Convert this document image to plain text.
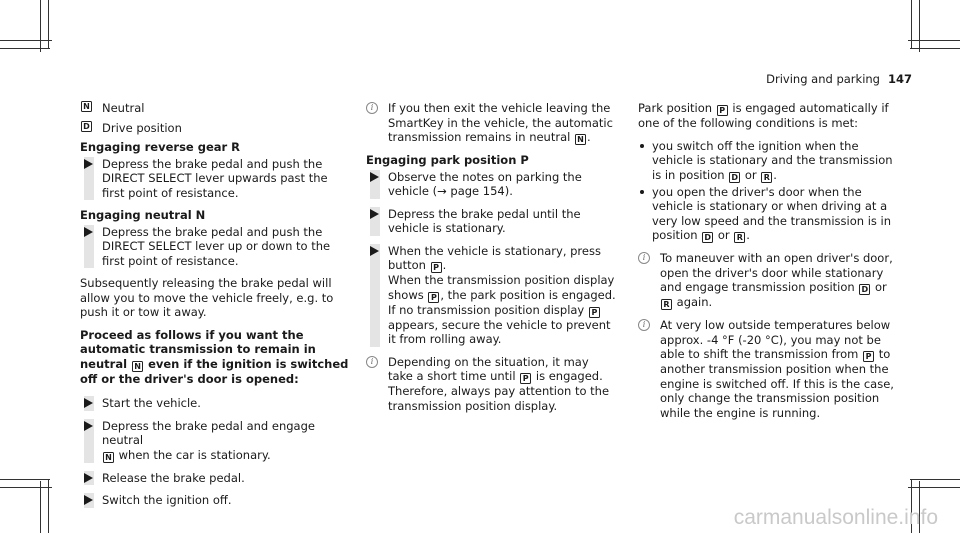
Driving and parking 147
N Neutral
D Drive position
Engaging reverse gear R
Depress the brake pedal and push the DIRECT SELECT lever upwards past the first point of resistance.
Engaging neutral N
Depress the brake pedal and push the DIRECT SELECT lever up or down to the first point of resistance.
Subsequently releasing the brake pedal will allow you to move the vehicle freely, e.g. to push it or tow it away.
Proceed as follows if you want the automatic transmission to remain in neutral N even if the ignition is switched off or the driver's door is opened:
Start the vehicle.
Depress the brake pedal and engage neutral
N when the car is stationary.
Release the brake pedal.
Switch the ignition off.
i	If you then exit the vehicle leaving the SmartKey in the vehicle, the automatic transmission remains in neutral N .
Engaging park position P
Observe the notes on parking the vehicle (→ page 154).
Depress the brake pedal until the vehicle is stationary.
When the vehicle is stationary, press button P .
When the transmission position display shows P , the park position is engaged. If no transmission position display P appears, secure the vehicle to prevent it from rolling away.
i	Depending on the situation, it may take a short time until P is engaged. Therefore, always pay attention to the transmission position display.
Park position P is engaged automatically if one of the following conditions is met:
you switch off the ignition when the vehicle is stationary and the transmission is in position D or R .
you open the driver's door when the vehicle is stationary or when driving at a very low speed and the transmission is in position D or R .
i	To maneuver with an open driver's door, open the driver's door while stationary and engage transmission position D or R again.
i	At very low outside temperatures below approx. -4 °F (-20 °C), you may not be able to shift the transmission from P to another transmission position when the engine is switched off. If this is the case, only change the transmission position while the engine is running.
carmanualsonline.info
